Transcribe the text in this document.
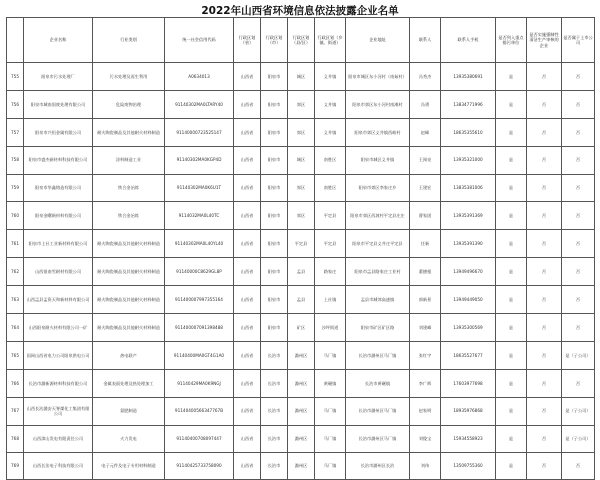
2022年山西省环境信息依法披露企业名单
	企业名称	行业类别	统一社会信用代码	行政区划（省）	行政区划（市）	行政区划（县/区）	行政区划（乡镇、街道）	企业地址	联系人	联系人手机	是否列入重点排污单位	是否实施强制性清洁生产审核的企业	是否属于上市公司
755	阳泉市污水处理厂	污水处理及再生利用	A0634013	山西省	阳泉市	城区	义井镇	阳泉市城区东小河村（南茹村）	冯秀杰	13935380691	是	否	否
756	阳泉市城南固废处理有限公司	危险废物治理	91140302MA0LTARY40	山西省	阳泉市	郊区	义井镇	阳泉市郊区东小河村南滩村	冯勇	13834771996	是	否	否
757	阳泉市兴恒金属有限公司	耐火陶瓷制品及其他耐火材料制造	91140000723525147	山西省	阳泉市	郊区	义井镇	阳泉市郊区义井镇西峪村	赵峰	18635355610	是	否	否
758	阳泉市盛杰新材料科技有限公司	涂料制造工业	91140302MA0KGP4D	山西省	阳泉市	城区	南胜区	阳泉市城区义井镇	王闻亮	13935321000	是	否	否
759	阳泉市华鑫铸造有限公司	铁合金冶炼	91140302MA0K6U1T	山西省	阳泉市	郊区	南胜区	阳泉市郊区李家庄乡	王建宏	13835381006	是	否	否
760	阳泉金曙新材料有限公司	铁合金冶炼	9114032MA0L40TC	山西省	阳泉市	郊区	平定县	阳泉市郊区西坡村平定县庄庄	曹家团	13935391369	是	否	否
761	阳泉市上社工业新材料有限公司	耐火陶瓷制品及其他耐火材料制造	91140302MA0L40YL40	山西省	阳泉市	平定县	平定县	阳泉市平定县义井庄平定县	任新	13935391390	是	否	否
762	山西银南雪耐材有限公司	耐火陶瓷制品及其他耐火材料制造	91140000C8629GL8P	山西省	阳泉市	孟县	路家庄	阳泉市盂县路家庄工业村	董德根	13949496670	是	否	否
763	山西盂县孟资天和新材料有限公司	耐火陶瓷制品及其他耐火材料制造	911400007997355164	山西省	阳泉市	孟县	上社镇	孟县市城郊高速镇	郭新景	13949449050	是	否	否
764	山西阳泉耐火材料有限公司一矿	耐火陶瓷制品及其他耐火材料制造	911400007091398488	山西省	阳泉市	矿区	沙坪街道	阳泉市矿区矿区路	刘建峰	13935300569	是	否	否
765	国网山西省电力公司阳泉供电公司	热电联产	91140400MA0GT4G1A0	山西省	长治市	潞州区	马厂镇	长治市潞州区马厂镇	张红宇	18635527677	是	否	是（子公司）
766	长治市潞新源材料科技有限公司	金属表面处理及热处理加工	91140429MA0K9NGJ	山西省	长治市	潞州区	黄碾镇	长治市黄碾镇	李广辉	17603977698	是	否	否
767	山西长治潞安天脊煤化工集团有限公司	氮肥制造	91140400566347767B	山西省	长治市	潞州区	马厂镇	长治市潞州区马厂镇	赵家明	18935976868	是	否	是（子公司）
768	山西漳山发电有限责任公司	火力发电	91140400708097447	山西省	长治市	潞州区	马厂镇	长治市潞州区马厂镇	刘俊宝	15934558923	是	否	是（子公司）
769	山西长治电子科技有限公司	电子元件及电子专用材料制造	91140425733758090	山西省	长治市	潞州区	马厂镇	长治市潞州区长治	刘伟	13509755360	是	否	否
